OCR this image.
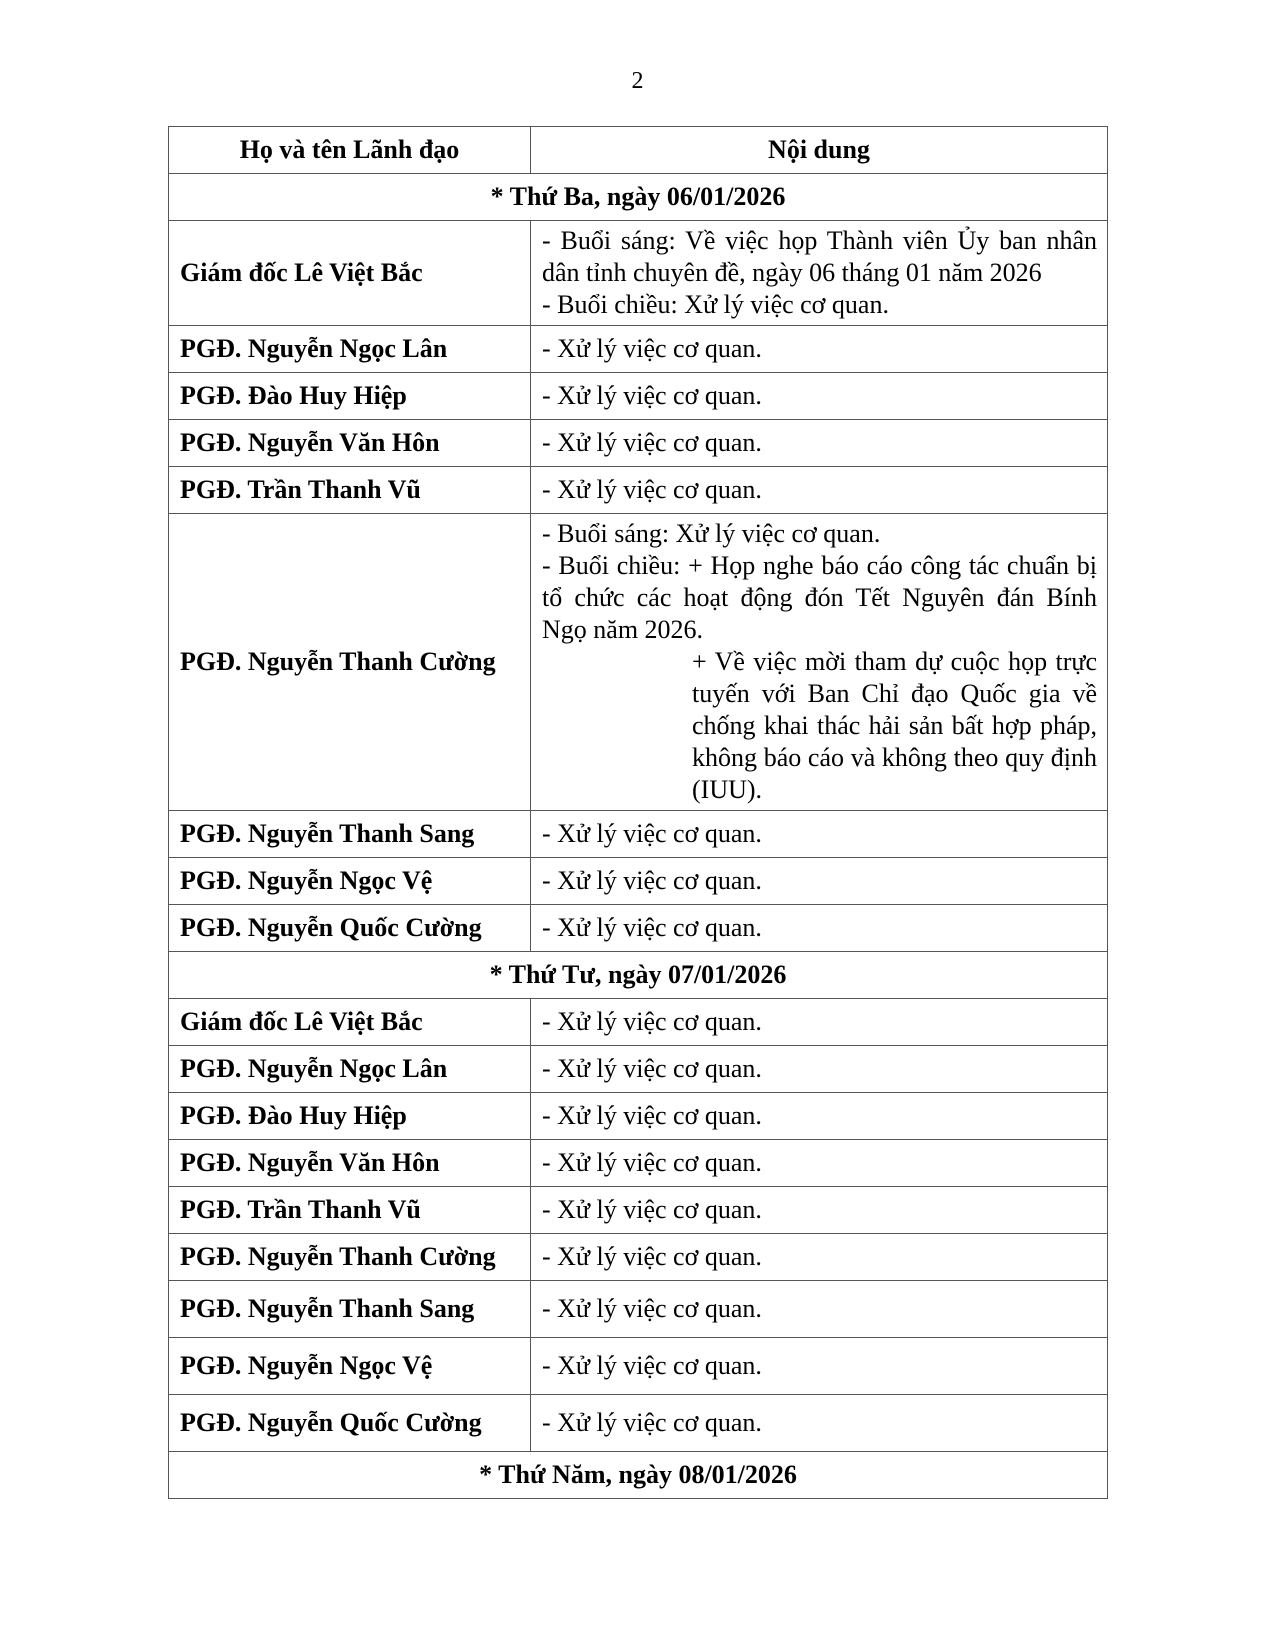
2
Họ và tên Lãnh đạo	Nội dung
* Thứ Ba, ngày 06/01/2026	
Giám đốc Lê Việt Bắc	- Buổi sáng: Về việc họp Thành viên Ủy ban nhân dân tỉnh chuyên đề, ngày 06 tháng 01 năm 2026
- Buổi chiều: Xử lý việc cơ quan.

PGĐ. Nguyễn Ngọc Lân	- Xử lý việc cơ quan.

PGĐ. Đào Huy Hiệp	- Xử lý việc cơ quan.

PGĐ. Nguyễn Văn Hôn	- Xử lý việc cơ quan.

PGĐ. Trần Thanh Vũ	- Xử lý việc cơ quan.

PGĐ. Nguyễn Thanh Cường	- Buổi sáng: Xử lý việc cơ quan.
- Buổi chiều: + Họp nghe báo cáo công tác chuẩn bị tổ chức các hoạt động đón Tết Nguyên đán Bính Ngọ năm 2026.
+ Về việc mời tham dự cuộc họp trực tuyến với Ban Chỉ đạo Quốc gia về chống khai thác hải sản bất hợp pháp, không báo cáo và không theo quy định (IUU).

PGĐ. Nguyễn Thanh Sang	- Xử lý việc cơ quan.

PGĐ. Nguyễn Ngọc Vệ	- Xử lý việc cơ quan.

PGĐ. Nguyễn Quốc Cường	- Xử lý việc cơ quan.

* Thứ Tư, ngày 07/01/2026	
Giám đốc Lê Việt Bắc	- Xử lý việc cơ quan.

PGĐ. Nguyễn Ngọc Lân	- Xử lý việc cơ quan.

PGĐ. Đào Huy Hiệp	- Xử lý việc cơ quan.

PGĐ. Nguyễn Văn Hôn	- Xử lý việc cơ quan.

PGĐ. Trần Thanh Vũ	- Xử lý việc cơ quan.

PGĐ. Nguyễn Thanh Cường	- Xử lý việc cơ quan.

PGĐ. Nguyễn Thanh Sang	- Xử lý việc cơ quan.

PGĐ. Nguyễn Ngọc Vệ	- Xử lý việc cơ quan.

PGĐ. Nguyễn Quốc Cường	- Xử lý việc cơ quan.

* Thứ Năm, ngày 08/01/2026	
